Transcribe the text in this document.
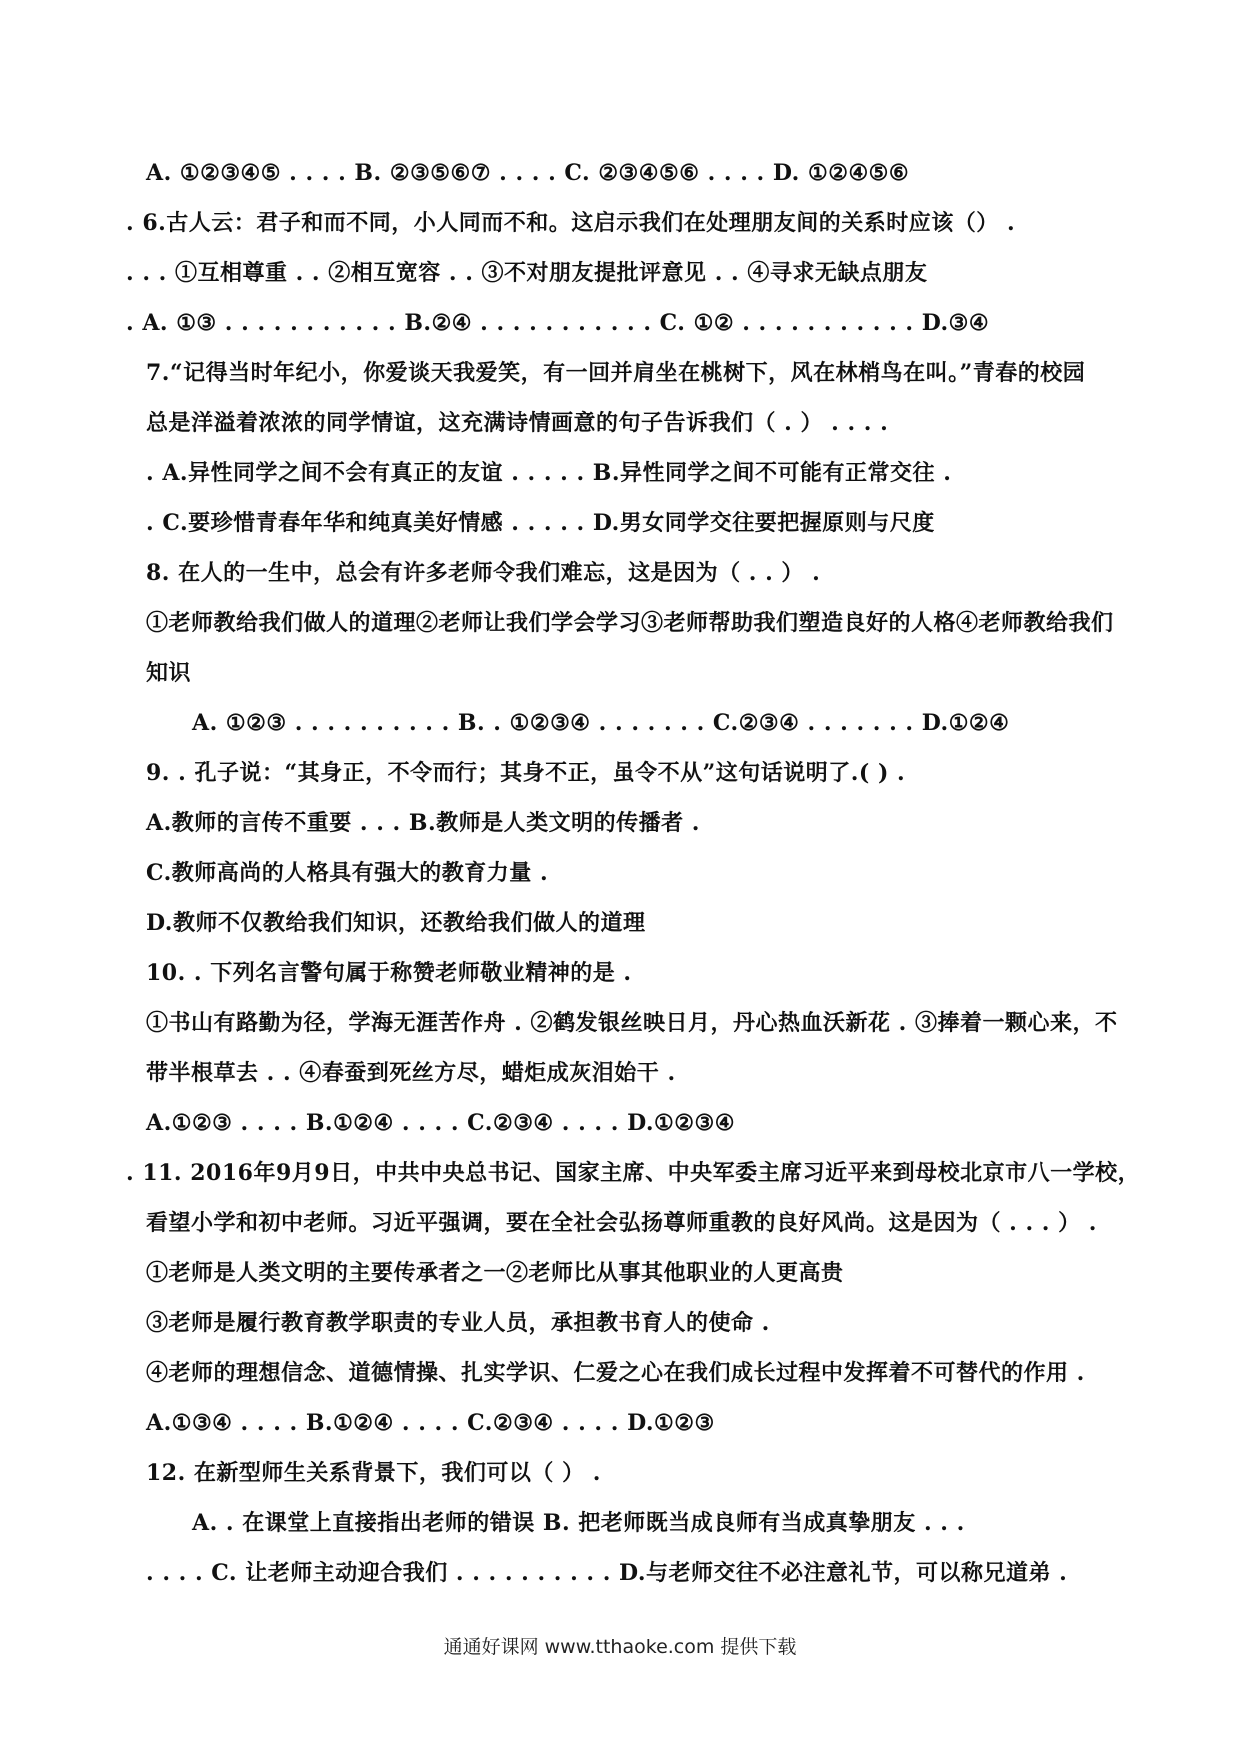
A. ①②③④⑤ . . . . B. ②③⑤⑥⑦ . . . . C. ②③④⑤⑥ . . . . D. ①②④⑤⑥
. 6.古人云：君子和而不同，小人同而不和。这启示我们在处理朋友间的关系时应该（） .
. . . ①互相尊重 . . ②相互宽容 . . ③不对朋友提批评意见 . . ④寻求无缺点朋友
. A. ①③ . . . . . . . . . . . B.②④ . . . . . . . . . . . C. ①② . . . . . . . . . . . D.③④
7.“记得当时年纪小，你爱谈天我爱笑，有一回并肩坐在桃树下，风在林梢鸟在叫。”青春的校园
总是洋溢着浓浓的同学情谊，这充满诗情画意的句子告诉我们（ . ） . . . .
. A.异性同学之间不会有真正的友谊 . . . . . B.异性同学之间不可能有正常交往 .
. C.要珍惜青春年华和纯真美好情感 . . . . . D.男女同学交往要把握原则与尺度
8. 在人的一生中，总会有许多老师令我们难忘，这是因为（ . . ） .
①老师教给我们做人的道理②老师让我们学会学习③老师帮助我们塑造良好的人格④老师教给我们
知识
A. ①②③ . . . . . . . . . . B. . ①②③④ . . . . . . . C.②③④ . . . . . . . D.①②④
9. . 孔子说：“其身正，不令而行；其身不正，虽令不从”这句话说明了.( ) .
A.教师的言传不重要 . . . B.教师是人类文明的传播者 .
C.教师高尚的人格具有强大的教育力量 .
D.教师不仅教给我们知识，还教给我们做人的道理
10. . 下列名言警句属于称赞老师敬业精神的是 .
①书山有路勤为径，学海无涯苦作舟 . ②鹤发银丝映日月，丹心热血沃新花 . ③捧着一颗心来，不
带半根草去 . . ④春蚕到死丝方尽，蜡炬成灰泪始干 .
A.①②③ . . . . B.①②④ . . . . C.②③④ . . . . D.①②③④
. 11. 2016年9月9日，中共中央总书记、国家主席、中央军委主席习近平来到母校北京市八一学校，
看望小学和初中老师。习近平强调，要在全社会弘扬尊师重教的良好风尚。这是因为（ . . . ） .
①老师是人类文明的主要传承者之一②老师比从事其他职业的人更高贵
③老师是履行教育教学职责的专业人员，承担教书育人的使命 .
④老师的理想信念、道德情操、扎实学识、仁爱之心在我们成长过程中发挥着不可替代的作用 .
A.①③④ . . . . B.①②④ . . . . C.②③④ . . . . D.①②③
12. 在新型师生关系背景下，我们可以（ ） .
A. . 在课堂上直接指出老师的错误 B. 把老师既当成良师有当成真挚朋友 . . .
. . . . C. 让老师主动迎合我们 . . . . . . . . . . D.与老师交往不必注意礼节，可以称兄道弟 .
通通好课网 www.tthaoke.com 提供下载
